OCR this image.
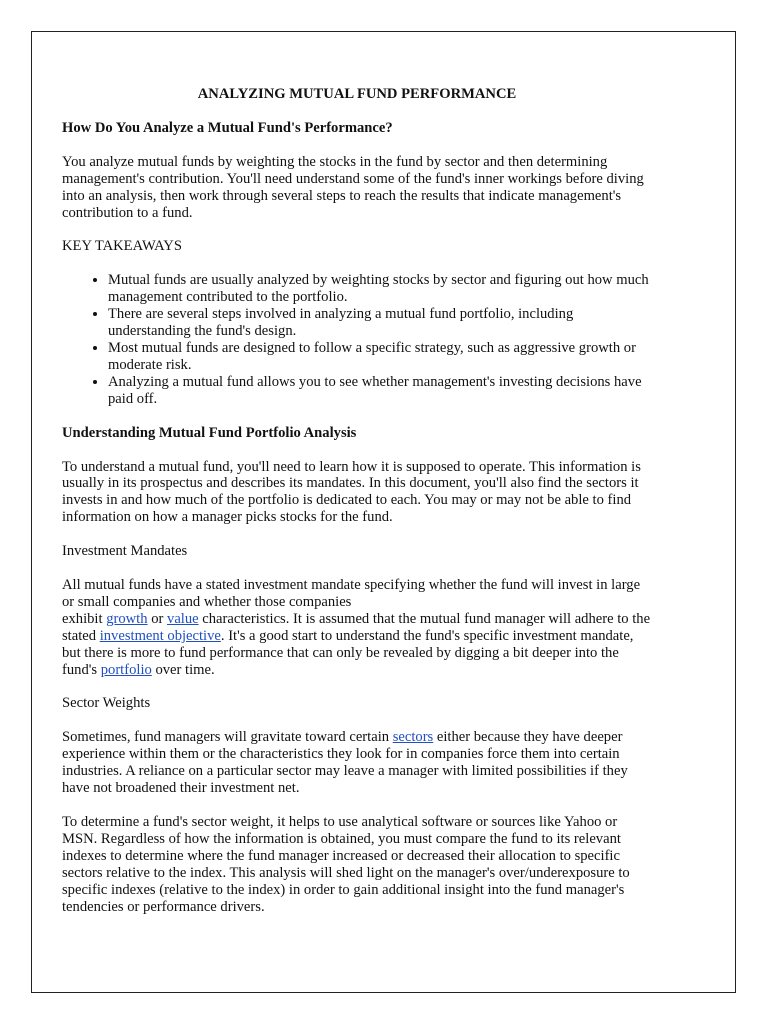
ANALYZING MUTUAL FUND PERFORMANCE
How Do You Analyze a Mutual Fund's Performance?

You analyze mutual funds by weighting the stocks in the fund by sector and then determining management's contribution. You'll need understand some of the fund's inner workings before diving into an analysis, then work through several steps to reach the results that indicate management's contribution to a fund.

KEY TAKEAWAYS
• Mutual funds are usually analyzed by weighting stocks by sector and figuring out how much management contributed to the portfolio.
• There are several steps involved in analyzing a mutual fund portfolio, including understanding the fund's design.
• Most mutual funds are designed to follow a specific strategy, such as aggressive growth or moderate risk.
• Analyzing a mutual fund allows you to see whether management's investing decisions have paid off.
Understanding Mutual Fund Portfolio Analysis

To understand a mutual fund, you'll need to learn how it is supposed to operate. This information is usually in its prospectus and describes its mandates. In this document, you'll also find the sectors it invests in and how much of the portfolio is dedicated to each. You may or may not be able to find information on how a manager picks stocks for the fund.

Investment Mandates

All mutual funds have a stated investment mandate specifying whether the fund will invest in large or small companies and whether those companies
exhibit growth or value characteristics. It is assumed that the mutual fund manager will adhere to the stated investment objective. It's a good start to understand the fund's specific investment mandate, but there is more to fund performance that can only be revealed by digging a bit deeper into the fund's portfolio over time.

Sector Weights

Sometimes, fund managers will gravitate toward certain sectors either because they have deeper experience within them or the characteristics they look for in companies force them into certain industries. A reliance on a particular sector may leave a manager with limited possibilities if they have not broadened their investment net.

To determine a fund's sector weight, it helps to use analytical software or sources like Yahoo or MSN. Regardless of how the information is obtained, you must compare the fund to its relevant indexes to determine where the fund manager increased or decreased their allocation to specific sectors relative to the index. This analysis will shed light on the manager's over/underexposure to specific indexes (relative to the index) in order to gain additional insight into the fund manager's tendencies or performance drivers.
